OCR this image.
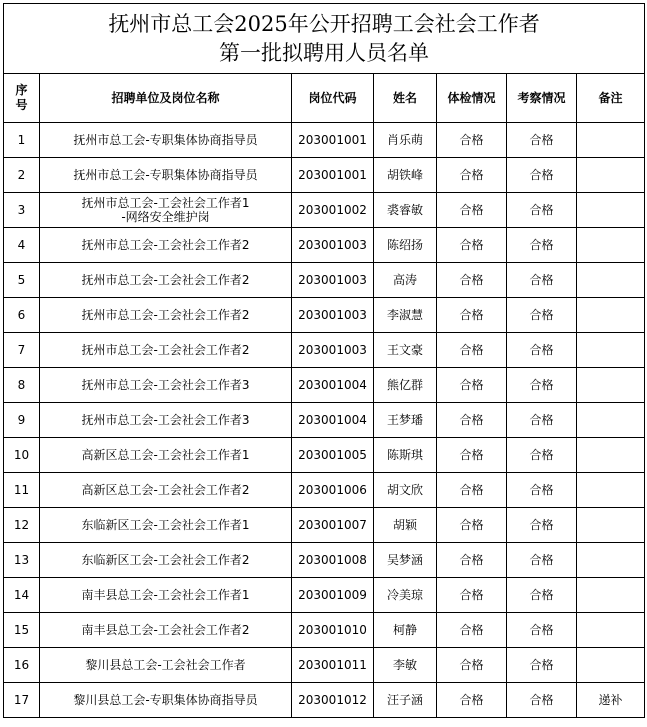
抚州市总工会2025年公开招聘工会社会工作者
第一批拟聘用人员名单						

序
号	招聘单位及岗位名称	岗位代码	姓名	体检情况	考察情况	备注
1	抚州市总工会-专职集体协商指导员	203001001	肖乐萌	合格	合格	
2	抚州市总工会-专职集体协商指导员	203001001	胡铁峰	合格	合格	
3	抚州市总工会-工会社会工作者1
-网络安全维护岗	203001002	裘睿敏	合格	合格	
4	抚州市总工会-工会社会工作者2	203001003	陈绍扬	合格	合格	
5	抚州市总工会-工会社会工作者2	203001003	高涛	合格	合格	
6	抚州市总工会-工会社会工作者2	203001003	李淑慧	合格	合格	
7	抚州市总工会-工会社会工作者2	203001003	王文豪	合格	合格	
8	抚州市总工会-工会社会工作者3	203001004	熊亿群	合格	合格	
9	抚州市总工会-工会社会工作者3	203001004	王梦璠	合格	合格	
10	高新区总工会-工会社会工作者1	203001005	陈斯琪	合格	合格	
11	高新区总工会-工会社会工作者2	203001006	胡文欣	合格	合格	
12	东临新区工会-工会社会工作者1	203001007	胡颖	合格	合格	
13	东临新区工会-工会社会工作者2	203001008	吴梦涵	合格	合格	
14	南丰县总工会-工会社会工作者1	203001009	冷美琼	合格	合格	
15	南丰县总工会-工会社会工作者2	203001010	柯静	合格	合格	
16	黎川县总工会-工会社会工作者	203001011	李敏	合格	合格	
17	黎川县总工会-专职集体协商指导员	203001012	汪子涵	合格	合格	递补
